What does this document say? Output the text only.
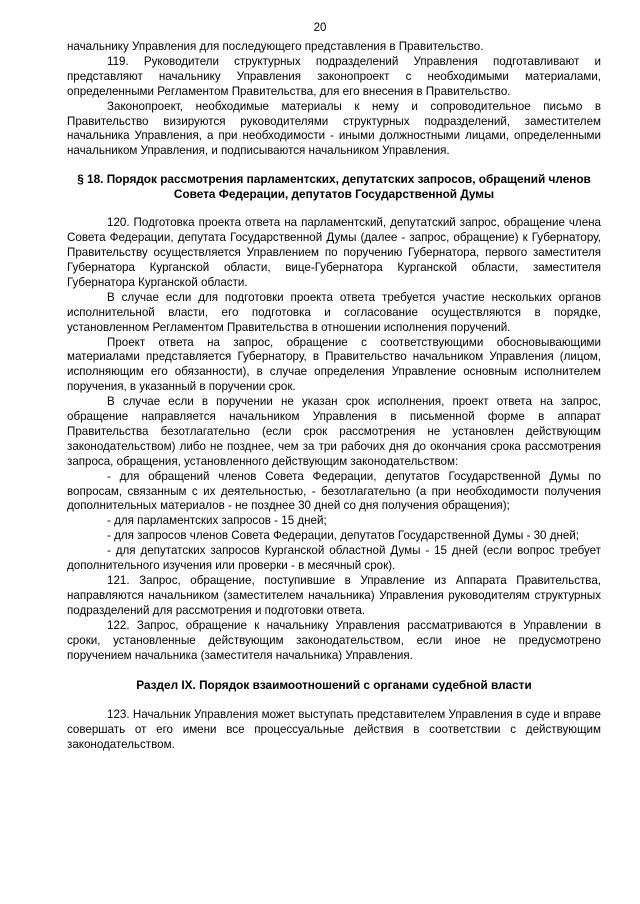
20

начальнику Управления для последующего представления в Правительство.

119. Руководители структурных подразделений Управления подготавливают и представляют начальнику Управления законопроект с необходимыми материалами, определенными Регламентом Правительства, для его внесения в Правительство.

Законопроект, необходимые материалы к нему и сопроводительное письмо в Правительство визируются руководителями структурных подразделений, заместителем начальника Управления, а при необходимости - иными должностными лицами, определенными начальником Управления, и подписываются начальником Управления.

§ 18. Порядок рассмотрения парламентских, депутатских запросов, обращений членов Совета Федерации, депутатов Государственной Думы

120. Подготовка проекта ответа на парламентский, депутатский запрос, обращение члена Совета Федерации, депутата Государственной Думы (далее - запрос, обращение) к Губернатору, Правительству осуществляется Управлением по поручению Губернатора, первого заместителя Губернатора Курганской области, вице-Губернатора Курганской области, заместителя Губернатора Курганской области.

В случае если для подготовки проекта ответа требуется участие нескольких органов исполнительной власти, его подготовка и согласование осуществляются в порядке, установленном Регламентом Правительства в отношении исполнения поручений.

Проект ответа на запрос, обращение с соответствующими обосновывающими материалами представляется Губернатору, в Правительство начальником Управления (лицом, исполняющим его обязанности), в случае определения Управление основным исполнителем поручения, в указанный в поручении срок.

В случае если в поручении не указан срок исполнения, проект ответа на запрос, обращение направляется начальником Управления в письменной форме в аппарат Правительства безотлагательно (если срок рассмотрения не установлен действующим законодательством) либо не позднее, чем за три рабочих дня до окончания срока рассмотрения запроса, обращения, установленного действующим законодательством:

- для обращений членов Совета Федерации, депутатов Государственной Думы по вопросам, связанным с их деятельностью, - безотлагательно (а при необходимости получения дополнительных материалов - не позднее 30 дней со дня получения обращения);

- для парламентских запросов - 15 дней;

- для запросов членов Совета Федерации, депутатов Государственной Думы - 30 дней;

- для депутатских запросов Курганской областной Думы - 15 дней (если вопрос требует дополнительного изучения или проверки - в месячный срок).

121. Запрос, обращение, поступившие в Управление из Аппарата Правительства, направляются начальником (заместителем начальника) Управления руководителям структурных подразделений для рассмотрения и подготовки ответа.

122. Запрос, обращение к начальнику Управления рассматриваются в Управлении в сроки, установленные действующим законодательством, если иное не предусмотрено поручением начальника (заместителя начальника) Управления.

Раздел IX. Порядок взаимоотношений с органами судебной власти

123. Начальник Управления может выступать представителем Управления в суде и вправе совершать от его имени все процессуальные действия в соответствии с действующим законодательством.
